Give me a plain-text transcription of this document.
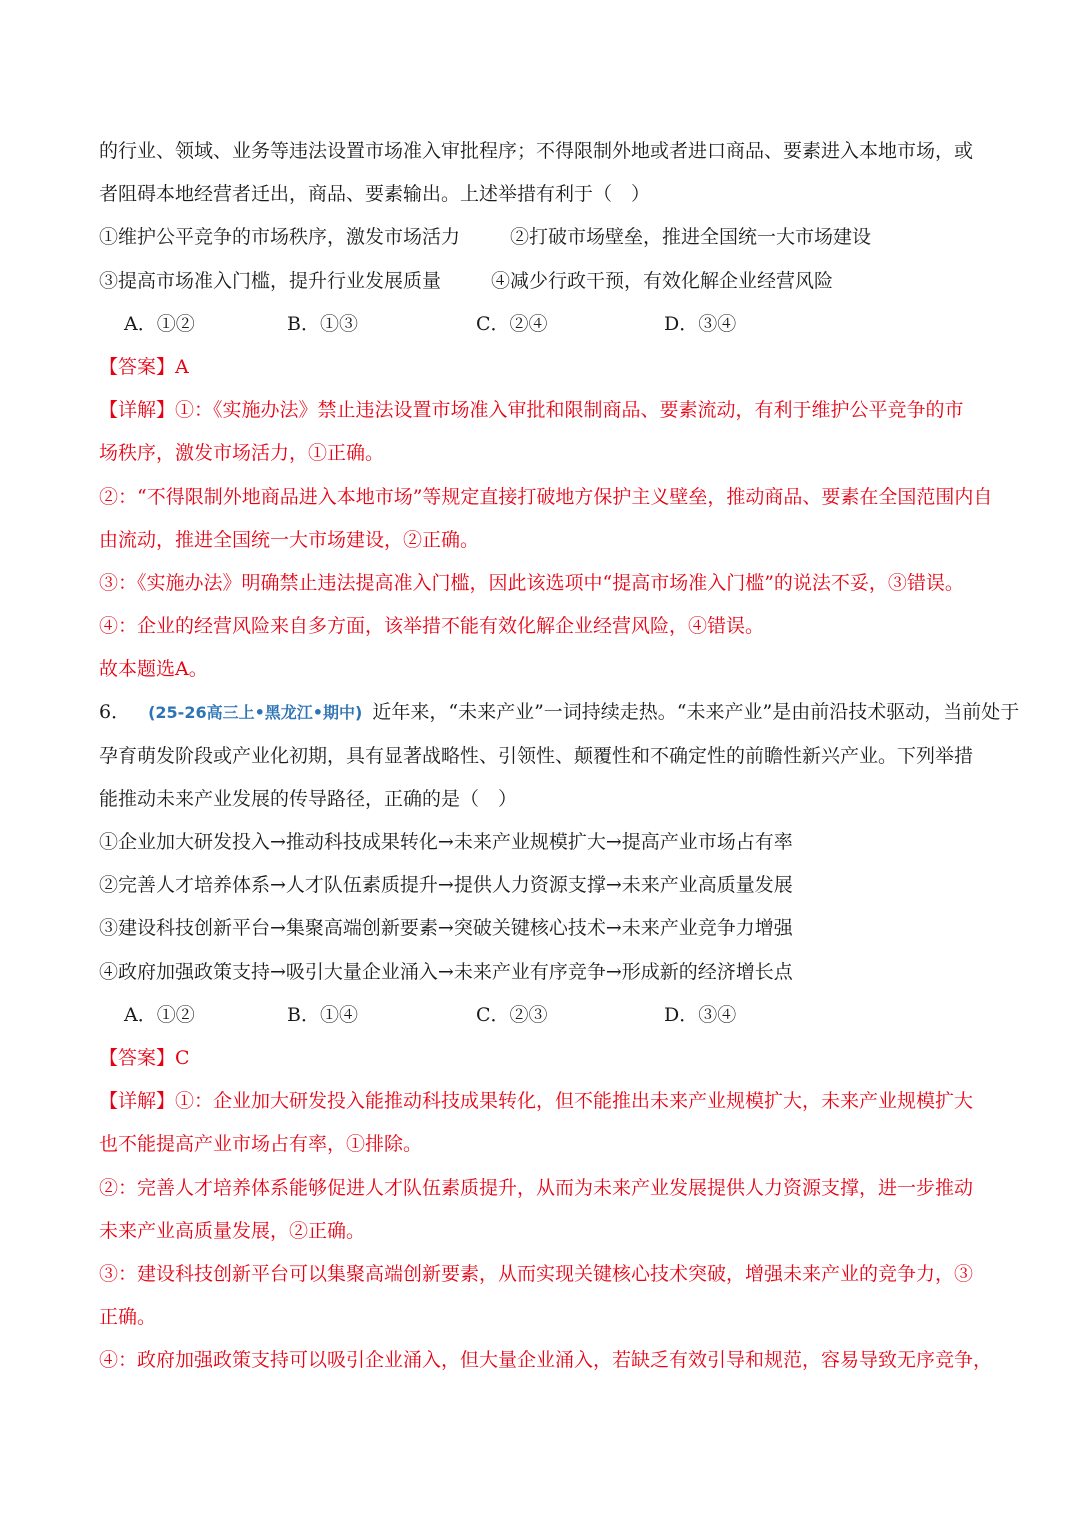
的行业、领域、业务等违法设置市场准入审批程序；不得限制外地或者进口商品、要素进入本地市场，或
者阻碍本地经营者迁出，商品、要素输出。上述举措有利于（　）
①维护公平竞争的市场秩序，激发市场活力	②打破市场壁垒，推进全国统一大市场建设
③提高市场准入门槛，提升行业发展质量	④减少行政干预，有效化解企业经营风险
A．①②	B．①③	C．②④	D．③④
【答案】A
【详解】①：《实施办法》禁止违法设置市场准入审批和限制商品、要素流动，有利于维护公平竞争的市
场秩序，激发市场活力，①正确。
②：“不得限制外地商品进入本地市场”等规定直接打破地方保护主义壁垒，推动商品、要素在全国范围内自
由流动，推进全国统一大市场建设，②正确。
③：《实施办法》明确禁止违法提高准入门槛，因此该选项中“提高市场准入门槛”的说法不妥，③错误。
④：企业的经营风险来自多方面，该举措不能有效化解企业经营风险，④错误。
故本题选A。
6． (25-26高三上•黑龙江•期中) 近年来，“未来产业”一词持续走热。“未来产业”是由前沿技术驱动，当前处于
孕育萌发阶段或产业化初期，具有显著战略性、引领性、颠覆性和不确定性的前瞻性新兴产业。下列举措
能推动未来产业发展的传导路径，正确的是（　）
①企业加大研发投入→推动科技成果转化→未来产业规模扩大→提高产业市场占有率
②完善人才培养体系→人才队伍素质提升→提供人力资源支撑→未来产业高质量发展
③建设科技创新平台→集聚高端创新要素→突破关键核心技术→未来产业竞争力增强
④政府加强政策支持→吸引大量企业涌入→未来产业有序竞争→形成新的经济增长点
A．①②	B．①④	C．②③	D．③④
【答案】C
【详解】①：企业加大研发投入能推动科技成果转化，但不能推出未来产业规模扩大，未来产业规模扩大
也不能提高产业市场占有率，①排除。
②：完善人才培养体系能够促进人才队伍素质提升，从而为未来产业发展提供人力资源支撑，进一步推动
未来产业高质量发展，②正确。
③：建设科技创新平台可以集聚高端创新要素，从而实现关键核心技术突破，增强未来产业的竞争力，③
正确。
④：政府加强政策支持可以吸引企业涌入，但大量企业涌入，若缺乏有效引导和规范，容易导致无序竞争，
